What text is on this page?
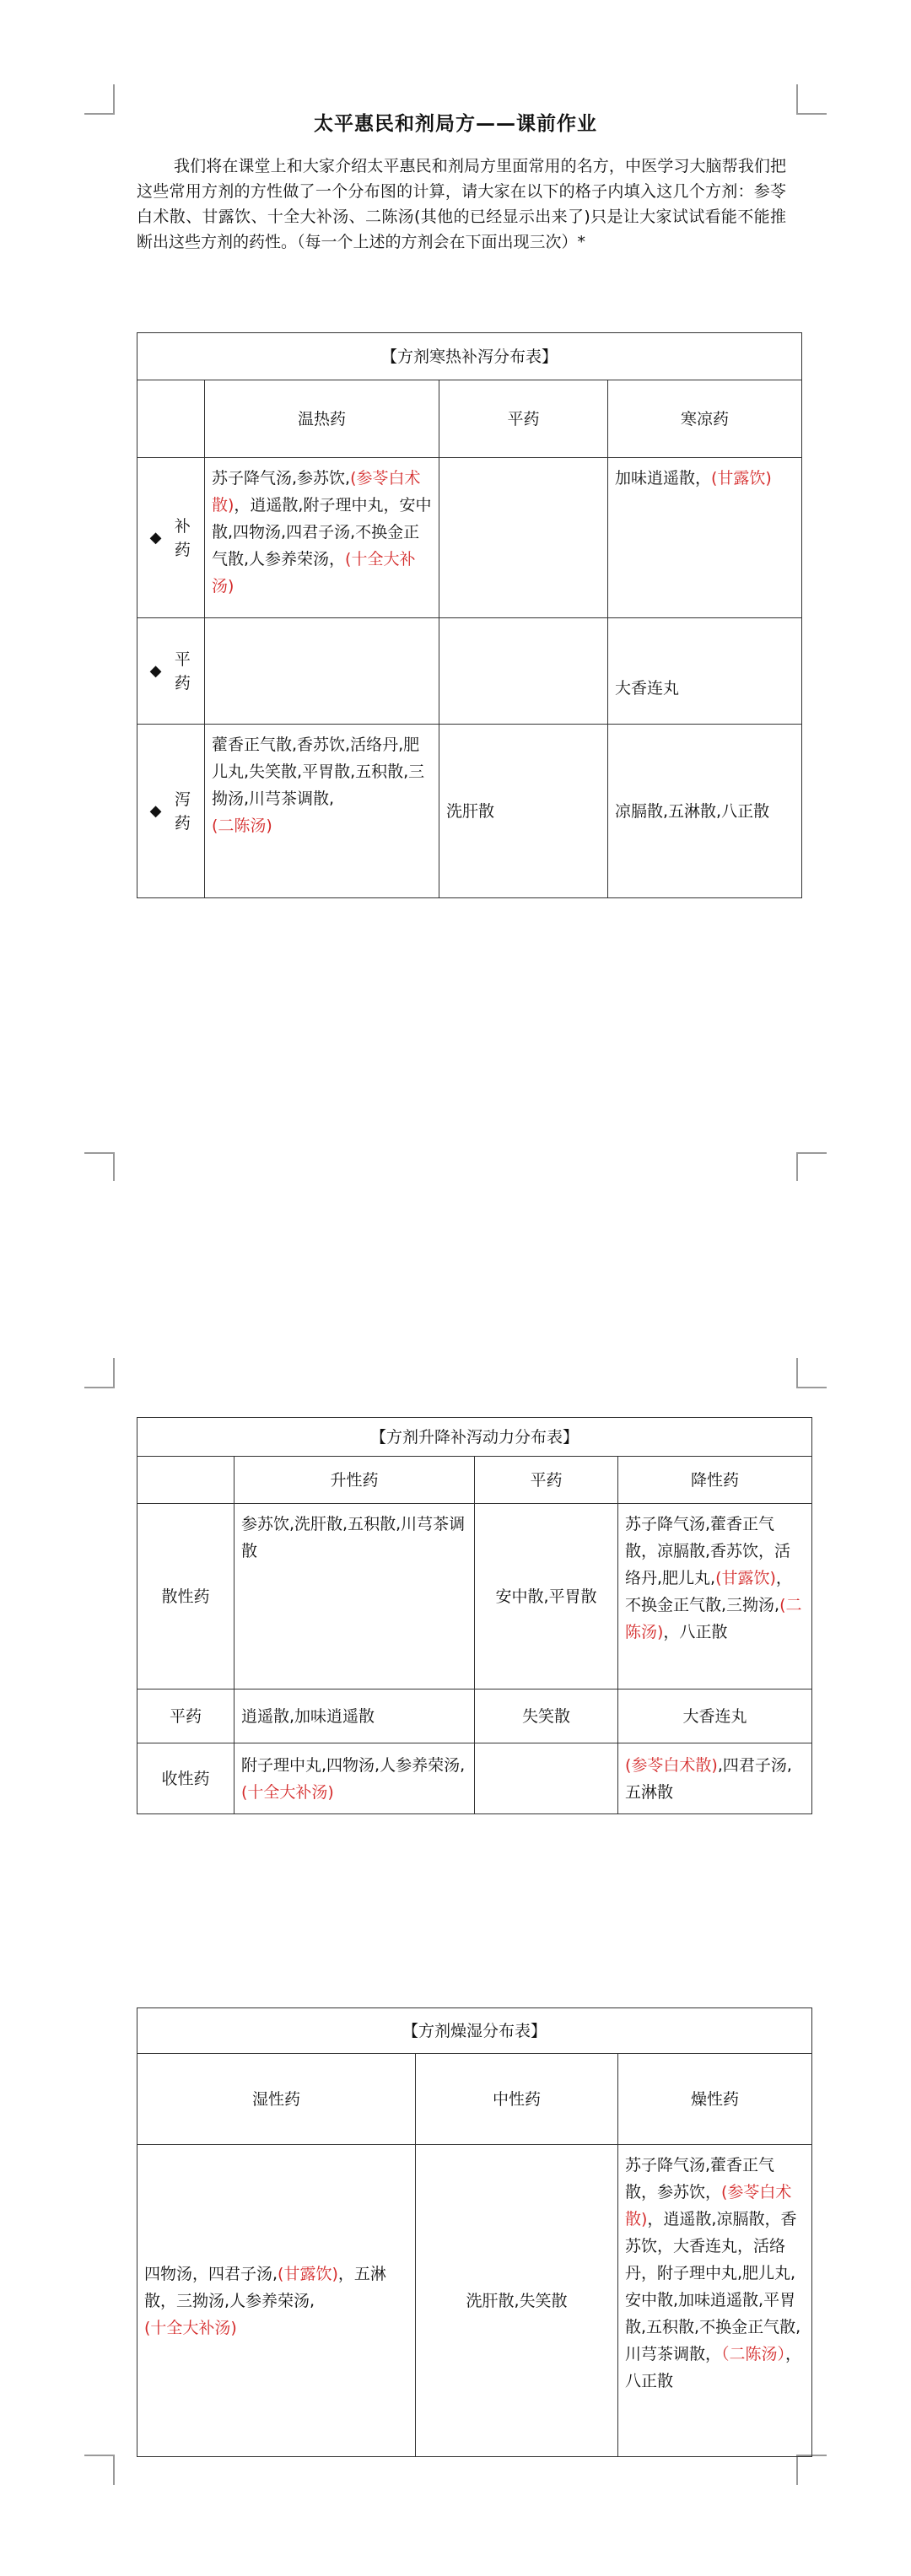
太平惠民和剂局方——课前作业
我们将在课堂上和大家介绍太平惠民和剂局方里面常用的名方，中医学习大脑帮我们把这些常用方剂的方性做了一个分布图的计算，请大家在以下的格子内填入这几个方剂：参苓白术散、甘露饮、十全大补汤、二陈汤(其他的已经显示出来了)只是让大家试试看能不能推断出这些方剂的药性。（每一个上述的方剂会在下面出现三次）*
【方剂寒热补泻分布表】			
	温热药	平药	寒凉药

◆
补
药	苏子降气汤,参苏饮,(参苓白术散)，逍遥散,附子理中丸，安中散,四物汤,四君子汤,不换金正气散,人参养荣汤，(十全大补汤)		加味逍遥散，(甘露饮)

◆
平
药			大香连丸

◆
泻
药	藿香正气散,香苏饮,活络丹,肥儿丸,失笑散,平胃散,五积散,三拗汤,川芎茶调散,
(二陈汤)	洗肝散	凉膈散,五淋散,八正散
【方剂升降补泻动力分布表】			
	升性药	平药	降性药
散性药	参苏饮,洗肝散,五积散,川芎茶调散	安中散,平胃散	苏子降气汤,藿香正气散，凉膈散,香苏饮，活络丹,肥儿丸,(甘露饮)，不换金正气散,三拗汤,(二陈汤)，八正散
平药	逍遥散,加味逍遥散	失笑散	大香连丸
收性药	附子理中丸,四物汤,人参养荣汤,(十全大补汤)		(参苓白术散),四君子汤,五淋散
【方剂燥湿分布表】		
湿性药	中性药	燥性药
四物汤，四君子汤,(甘露饮)，五淋散，三拗汤,人参养荣汤,
(十全大补汤)	洗肝散,失笑散	苏子降气汤,藿香正气散，参苏饮，(参苓白术散)，逍遥散,凉膈散，香苏饮，大香连丸，活络丹，附子理中丸,肥儿丸,安中散,加味逍遥散,平胃散,五积散,不换金正气散,川芎茶调散，（二陈汤），八正散
